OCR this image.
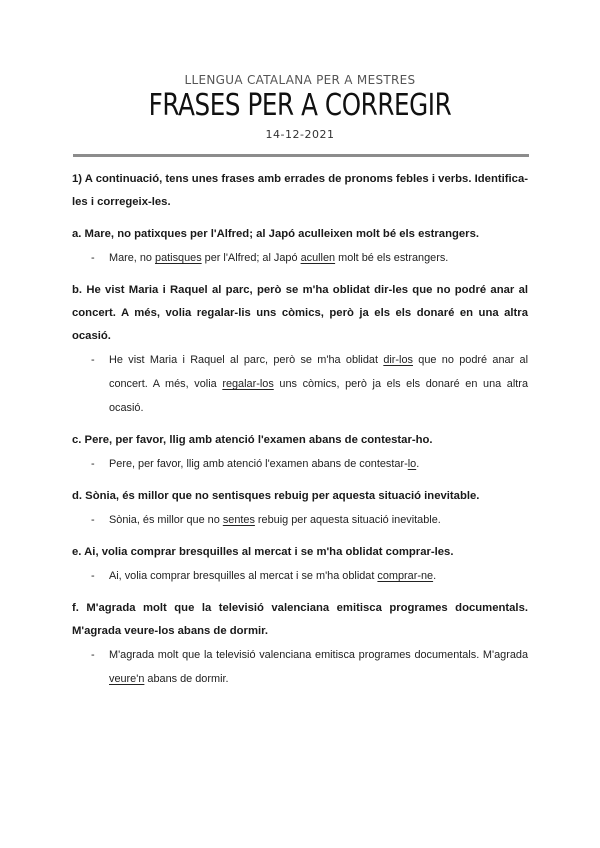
LLENGUA CATALANA PER A MESTRES
FRASES PER A CORREGIR
14-12-2021

1) A continuació, tens unes frases amb errades de pronoms febles i verbs. Identifica-les i corregeix-les.

a. Mare, no patixques per l'Alfred; al Japó aculleixen molt bé els estrangers.

- Mare, no patisques per l'Alfred; al Japó acullen molt bé els estrangers.

b. He vist Maria i Raquel al parc, però se m'ha oblidat dir-les que no podré anar al concert. A més, volia regalar-lis uns còmics, però ja els els donaré en una altra ocasió.

- He vist Maria i Raquel al parc, però se m'ha oblidat dir-los que no podré anar al concert. A més, volia regalar-los uns còmics, però ja els els donaré en una altra ocasió.

c. Pere, per favor, llig amb atenció l'examen abans de contestar-ho.

- Pere, per favor, llig amb atenció l'examen abans de contestar-lo.

d. Sònia, és millor que no sentisques rebuig per aquesta situació inevitable.

- Sònia, és millor que no sentes rebuig per aquesta situació inevitable.

e. Ai, volia comprar bresquilles al mercat i se m'ha oblidat comprar-les.

- Ai, volia comprar bresquilles al mercat i se m'ha oblidat comprar-ne.

f. M'agrada molt que la televisió valenciana emitisca programes documentals. M'agrada veure-los abans de dormir.

- M'agrada molt que la televisió valenciana emitisca programes documentals. M'agrada veure'n abans de dormir.
